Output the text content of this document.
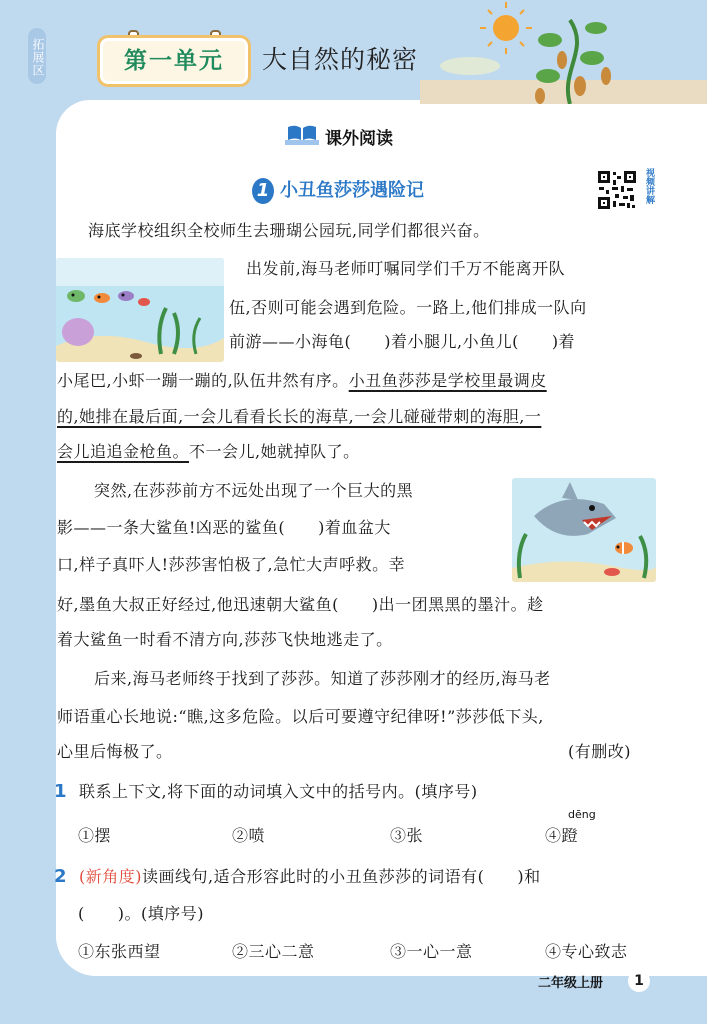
拓展区	第一单元	大自然的秘密
课外阅读
1 小丑鱼莎莎遇险记	视频讲解
海底学校组织全校师生去珊瑚公园玩,同学们都很兴奋。
出发前,海马老师叮嘱同学们千万不能离开队
伍,否则可能会遇到危险。一路上,他们排成一队向
前游——小海龟(　　)着小腿儿,小鱼儿(　　)着
小尾巴,小虾一蹦一蹦的,队伍井然有序。小丑鱼莎莎是学校里最调皮
的,她排在最后面,一会儿看看长长的海草,一会儿碰碰带刺的海胆,一
会儿追追金枪鱼。不一会儿,她就掉队了。
突然,在莎莎前方不远处出现了一个巨大的黑
影——一条大鲨鱼!凶恶的鲨鱼(　　)着血盆大
口,样子真吓人!莎莎害怕极了,急忙大声呼救。幸
好,墨鱼大叔正好经过,他迅速朝大鲨鱼(　　)出一团黑黑的墨汁。趁
着大鲨鱼一时看不清方向,莎莎飞快地逃走了。
后来,海马老师终于找到了莎莎。知道了莎莎刚才的经历,海马老
师语重心长地说:“瞧,这多危险。以后可要遵守纪律呀!”莎莎低下头,
心里后悔极了。	(有删改)
1 联系上下文,将下面的动词填入文中的括号内。(填序号)
dēng
①摆	②喷	③张	④蹬
2 (新角度)读画线句,适合形容此时的小丑鱼莎莎的词语有(　　)和
(　　)。(填序号)
①东张西望	②三心二意	③一心一意	④专心致志
二年级上册	1
